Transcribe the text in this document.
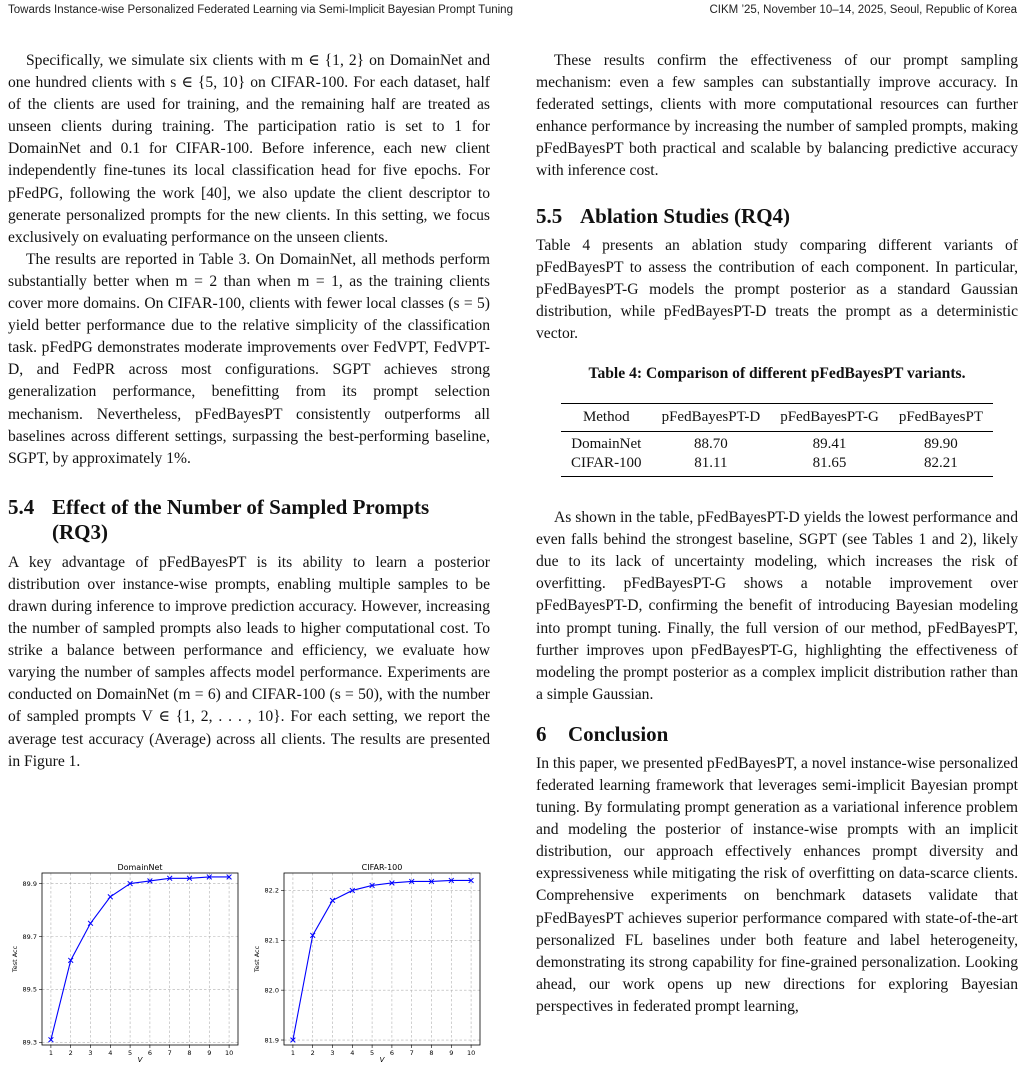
Towards Instance-wise Personalized Federated Learning via Semi-Implicit Bayesian Prompt Tuning	CIKM ’25, November 10–14, 2025, Seoul, Republic of Korea

Specifically, we simulate six clients with m ∈ {1, 2} on DomainNet and one hundred clients with s ∈ {5, 10} on CIFAR-100. For each dataset, half of the clients are used for training, and the remaining half are treated as unseen clients during training. The participation ratio is set to 1 for DomainNet and 0.1 for CIFAR-100. Before inference, each new client independently fine-tunes its local classification head for five epochs. For pFedPG, following the work [40], we also update the client descriptor to generate personalized prompts for the new clients. In this setting, we focus exclusively on evaluating performance on the unseen clients.

The results are reported in Table 3. On DomainNet, all methods perform substantially better when m = 2 than when m = 1, as the training clients cover more domains. On CIFAR-100, clients with fewer local classes (s = 5) yield better performance due to the relative simplicity of the classification task. pFedPG demonstrates moderate improvements over FedVPT, FedVPT-D, and FedPR across most configurations. SGPT achieves strong generalization performance, benefitting from its prompt selection mechanism. Nevertheless, pFedBayesPT consistently outperforms all baselines across different settings, surpassing the best-performing baseline, SGPT, by approximately 1%.

5.4 Effect of the Number of Sampled Prompts (RQ3)

A key advantage of pFedBayesPT is its ability to learn a posterior distribution over instance-wise prompts, enabling multiple samples to be drawn during inference to improve prediction accuracy. However, increasing the number of sampled prompts also leads to higher computational cost. To strike a balance between performance and efficiency, we evaluate how varying the number of samples affects model performance. Experiments are conducted on DomainNet (m = 6) and CIFAR-100 (s = 50), with the number of sampled prompts V ∈ {1, 2, . . . , 10}. For each setting, we report the average test accuracy (Average) across all clients. The results are presented in Figure 1.

DomainNet
1 2 3 4 5 6 7 8 9 10
89.3
89.5
89.7
89.9
V
Test Acc
CIFAR-100
1 2 3 4 5 6 7 8 9 10
81.9
82.0
82.1
82.2
V
Test Acc

These results confirm the effectiveness of our prompt sampling mechanism: even a few samples can substantially improve accuracy. In federated settings, clients with more computational resources can further enhance performance by increasing the number of sampled prompts, making pFedBayesPT both practical and scalable by balancing predictive accuracy with inference cost.

5.5 Ablation Studies (RQ4)

Table 4 presents an ablation study comparing different variants of pFedBayesPT to assess the contribution of each component. In particular, pFedBayesPT-G models the prompt posterior as a standard Gaussian distribution, while pFedBayesPT-D treats the prompt as a deterministic vector.

Table 4: Comparison of different pFedBayesPT variants.

Method	pFedBayesPT-D	pFedBayesPT-G	pFedBayesPT
DomainNet	88.70	89.41	89.90
CIFAR-100	81.11	81.65	82.21

As shown in the table, pFedBayesPT-D yields the lowest performance and even falls behind the strongest baseline, SGPT (see Tables 1 and 2), likely due to its lack of uncertainty modeling, which increases the risk of overfitting. pFedBayesPT-G shows a notable improvement over pFedBayesPT-D, confirming the benefit of introducing Bayesian modeling into prompt tuning. Finally, the full version of our method, pFedBayesPT, further improves upon pFedBayesPT-G, highlighting the effectiveness of modeling the prompt posterior as a complex implicit distribution rather than a simple Gaussian.

6	Conclusion

In this paper, we presented pFedBayesPT, a novel instance-wise personalized federated learning framework that leverages semi-implicit Bayesian prompt tuning. By formulating prompt generation as a variational inference problem and modeling the posterior of instance-wise prompts with an implicit distribution, our approach effectively enhances prompt diversity and expressiveness while mitigating the risk of overfitting on data-scarce clients. Comprehensive experiments on benchmark datasets validate that pFedBayesPT achieves superior performance compared with state-of-the-art personalized FL baselines under both feature and label heterogeneity, demonstrating its strong capability for fine-grained personalization. Looking ahead, our work opens up new directions for exploring Bayesian perspectives in federated prompt learning,
